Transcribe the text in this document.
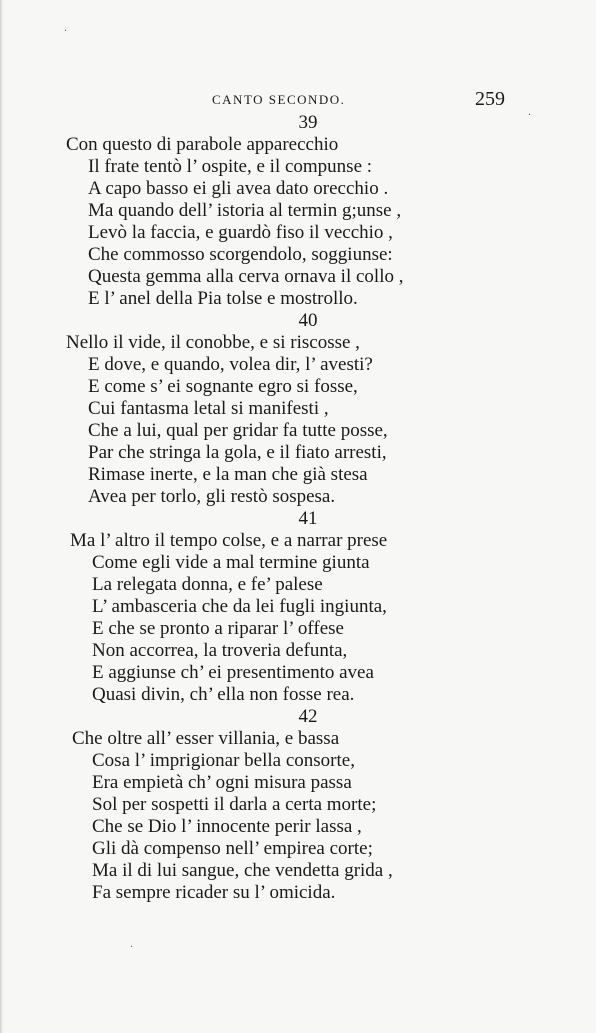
CANTO SECONDO.	259
39
Con questo di parabole apparecchio
Il frate tentò l’ ospite, e il compunse :
A capo basso ei gli avea dato orecchio .
Ma quando dell’ istoria al termin g;unse ,
Levò la faccia, e guardò fiso il vecchio ,
Che commosso scorgendolo, soggiunse:
Questa gemma alla cerva ornava il collo ,
E l’ anel della Pia tolse e mostrollo.
40
Nello il vide, il conobbe, e si riscosse ,
E dove, e quando, volea dir, l’ avesti?
E come s’ ei sognante egro si fosse,
Cui fantasma letal si manifesti ,
Che a lui, qual per gridar fa tutte posse,
Par che stringa la gola, e il fiato arresti,
Rimase inerte, e la man che già stesa
Avea per torlo, gli restò sospesa.
41
Ma l’ altro il tempo colse, e a narrar prese
Come egli vide a mal termine giunta
La relegata donna, e fe’ palese
L’ ambasceria che da lei fugli ingiunta,
E che se pronto a riparar l’ offese
Non accorrea, la troveria defunta,
E aggiunse ch’ ei presentimento avea
Quasi divin, ch’ ella non fosse rea.
42
Che oltre all’ esser villania, e bassa
Cosa l’ imprigionar bella consorte,
Era empietà ch’ ogni misura passa
Sol per sospetti il darla a certa morte;
Che se Dio l’ innocente perir lassa ,
Gli dà compenso nell’ empirea corte;
Ma il di lui sangue, che vendetta grida ,
Fa sempre ricader su l’ omicida.
·
·
·
